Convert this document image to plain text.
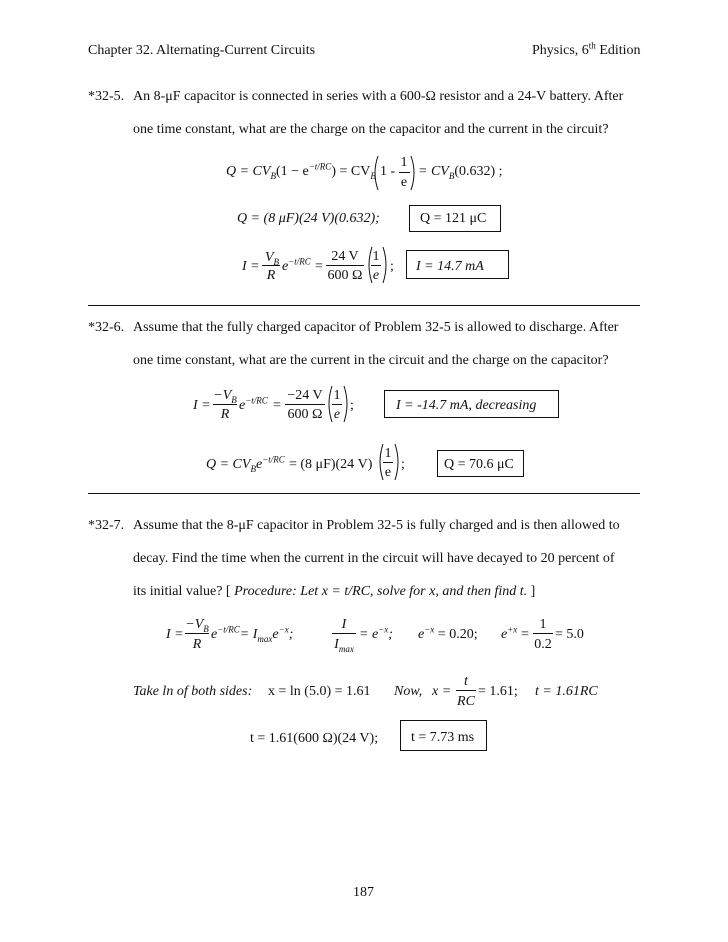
Chapter 32. Alternating-Current Circuits	Physics, 6th Edition
*32-5. An 8-μF capacitor is connected in series with a 600-Ω resistor and a 24-V battery. After
one time constant, what are the charge on the capacitor and the current in the circuit?
$Q = CV_B(1 - e^{-t/RC}) = CV_B$ 1 -
1
e
= $CV_B(0.632)$ ;
Q = (8 μF)(24 V)(0.632);	Q = 121 μC
I =
$V_B$
R
$e^{-t/RC}$ =
24 V
600 Ω
1
e
; I = 14.7 mA
*32-6. Assume that the fully charged capacitor of Problem 32-5 is allowed to discharge. After
one time constant, what are the current in the circuit and the charge on the capacitor?
I =
$-V_B$
R
$e^{-t/RC}$ =
−24 V
600 Ω
1
e
;	I = -14.7 mA, decreasing
$Q = CV_Be^{-t/RC} = (8$ μF)(24 V)
1
e
;	Q = 70.6 μC
*32-7. Assume that the 8-μF capacitor in Problem 32-5 is fully charged and is then allowed to
decay. Find the time when the current in the circuit will have decayed to 20 percent of
its initial value? [ Procedure: Let x = t/RC, solve for x, and then find t. ]
I =
$-V_B$
R
$e^{-t/RC}= I_{max}e^{-x}$;
I
$I_{max}$
= $e^{-x}$; $e^{-x} = 0.20$; $e^{+x}$ =
1
0.2
= 5.0
Take ln of both sides: x = ln (5.0) = 1.61 Now, x =
t
RC
= 1.61; t = 1.61RC
t = 1.61(600 Ω)(24 V); t = 7.73 ms
187
